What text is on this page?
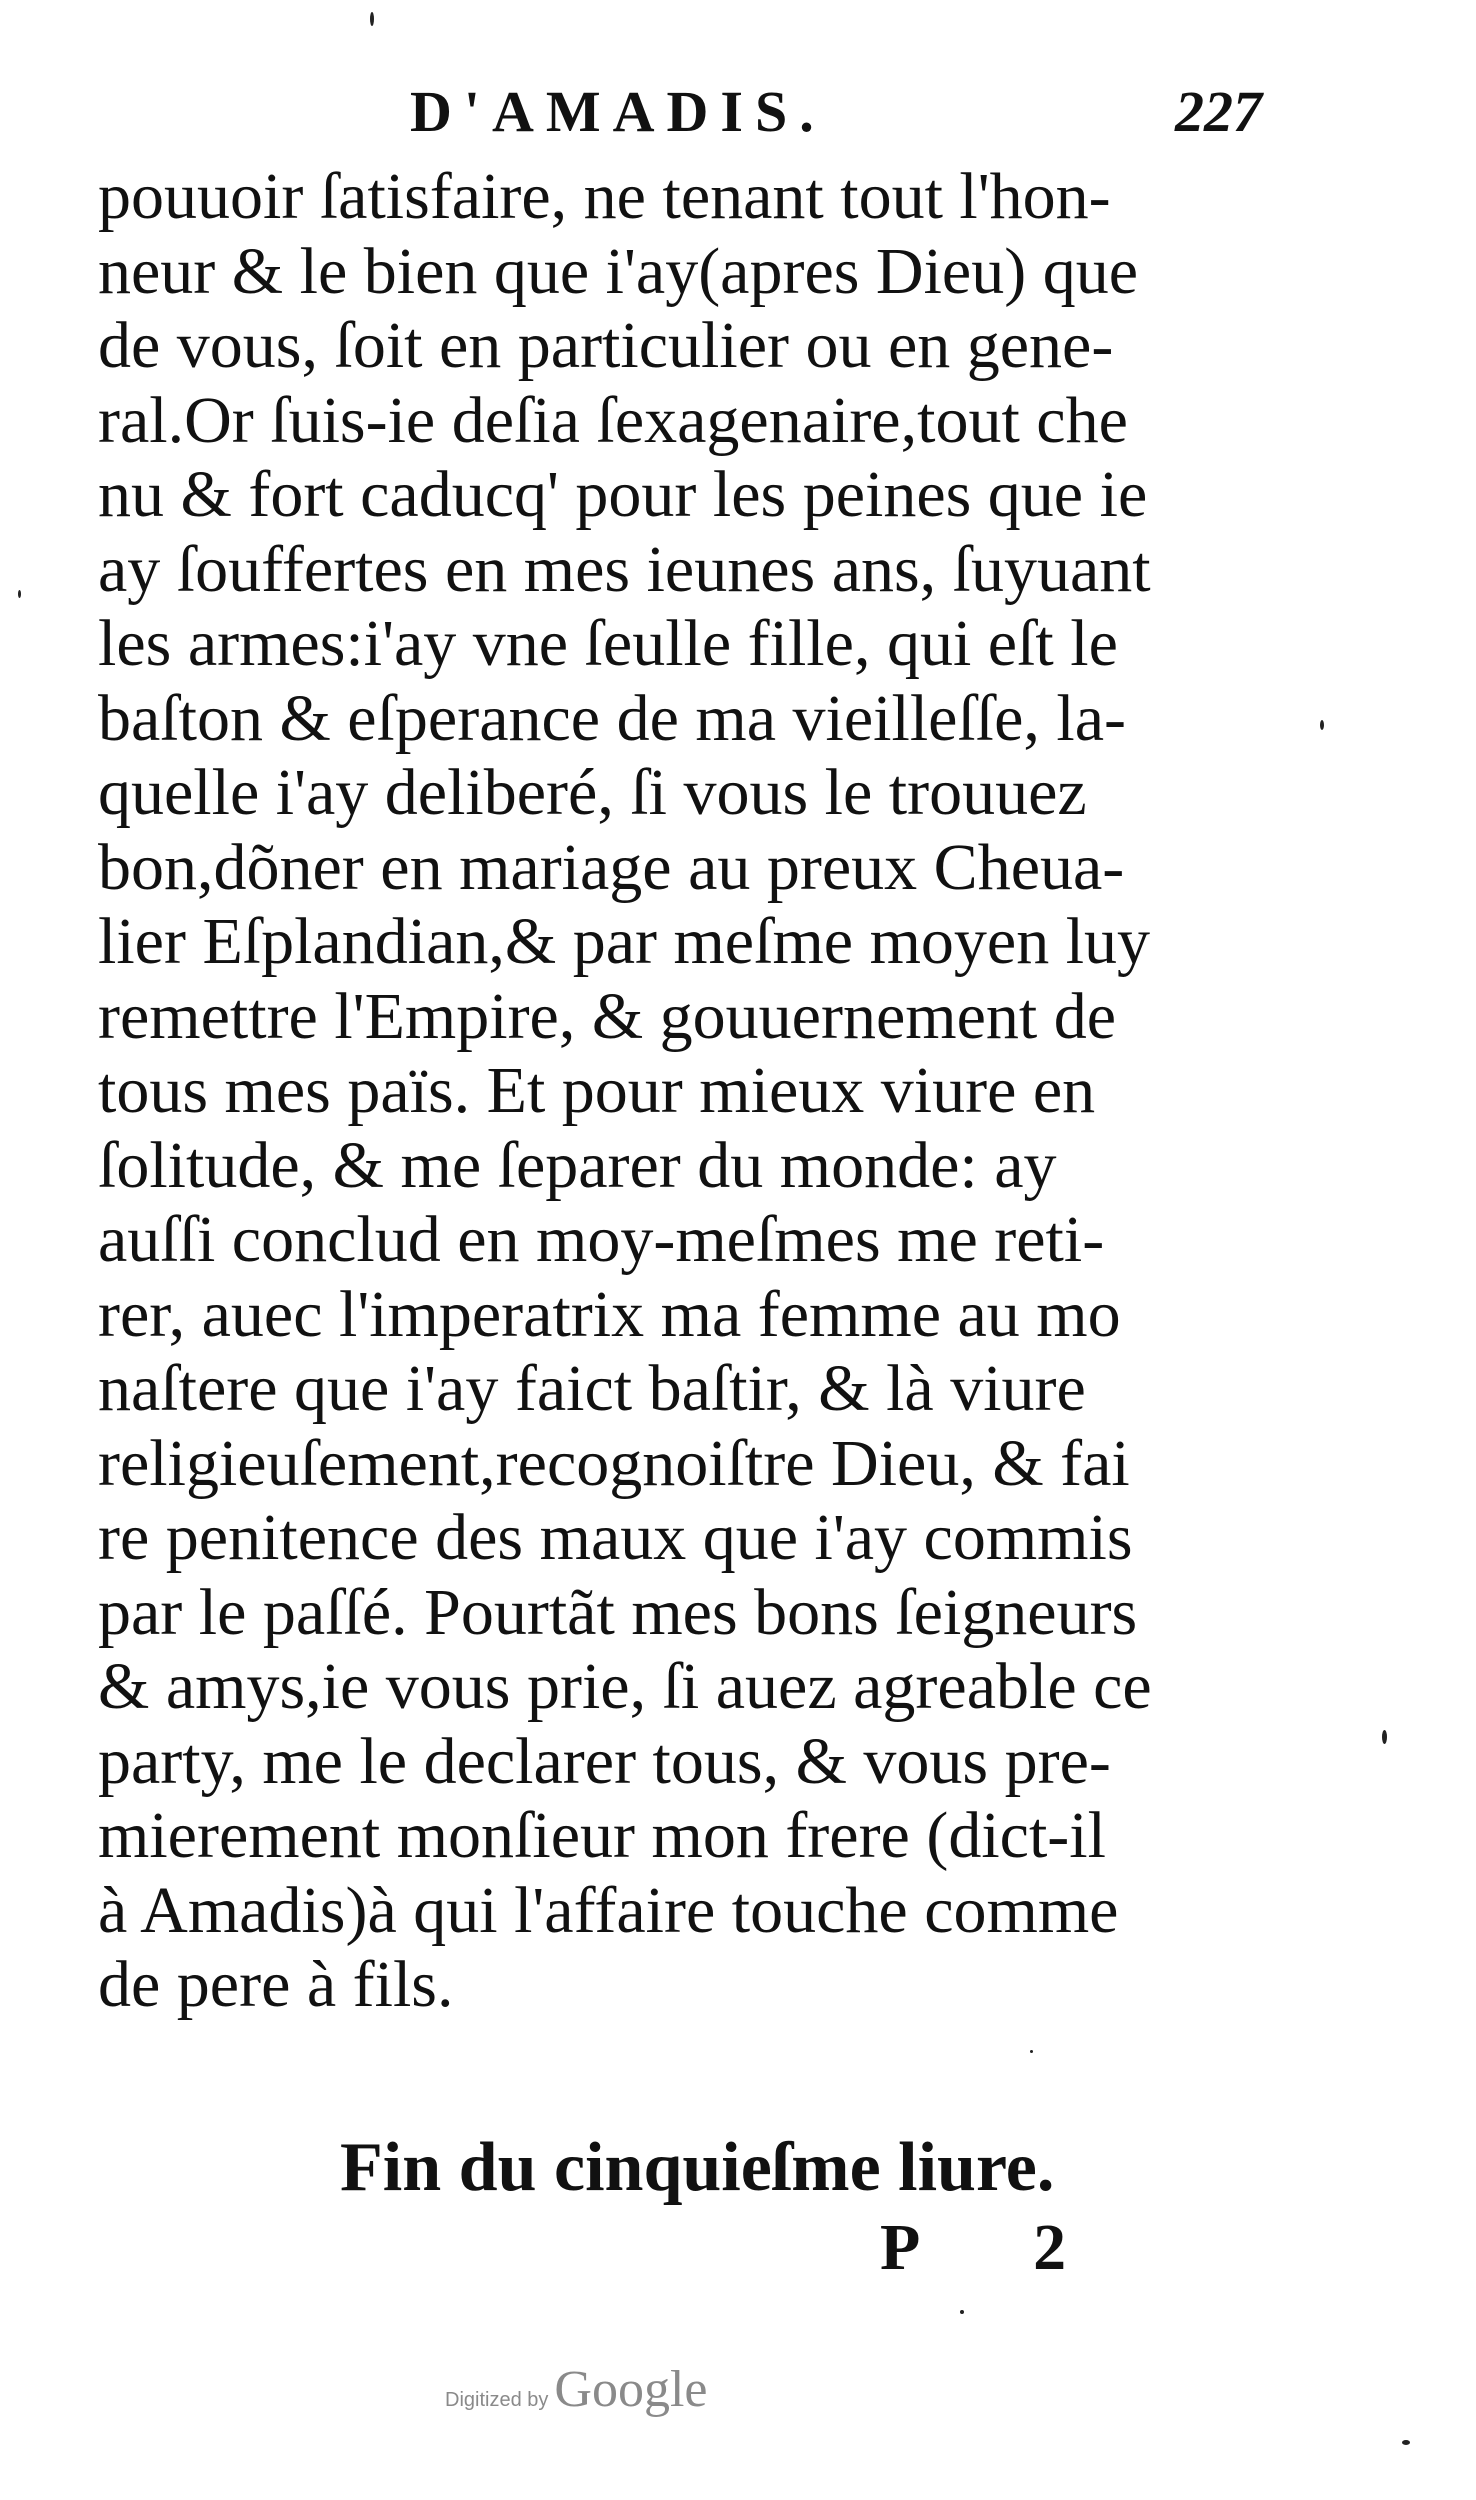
D'AMADIS.	227
pouuoir ſatisfaire, ne tenant tout l'hon-
neur & le bien que i'ay(apres Dieu) que
de vous, ſoit en particulier ou en gene-
ral.Or ſuis-ie deſia ſexagenaire,tout che
nu & fort caducq' pour les peines que ie
ay ſouffertes en mes ieunes ans, ſuyuant
les armes:i'ay vne ſeulle fille, qui eſt le
baſton & eſperance de ma vieilleſſe, la-
quelle i'ay deliberé, ſi vous le trouuez
bon,dõner en mariage au preux Cheua-
lier Eſplandian,& par meſme moyen luy
remettre l'Empire, & gouuernement de
tous mes païs. Et pour mieux viure en
ſolitude, & me ſeparer du monde: ay
auſſi conclud en moy-meſmes me reti-
rer, auec l'imperatrix ma femme au mo
naſtere que i'ay faict baſtir, & là viure
religieuſement,recognoiſtre Dieu, & fai
re penitence des maux que i'ay commis
par le paſſé. Pourtãt mes bons ſeigneurs
& amys,ie vous prie, ſi auez agreable ce
party, me le declarer tous, & vous pre-
mierement monſieur mon frere (dict-il
à Amadis)à qui l'affaire touche comme
de pere à fils.
Fin du cinquieſme liure.
P 2
Digitized by Google
